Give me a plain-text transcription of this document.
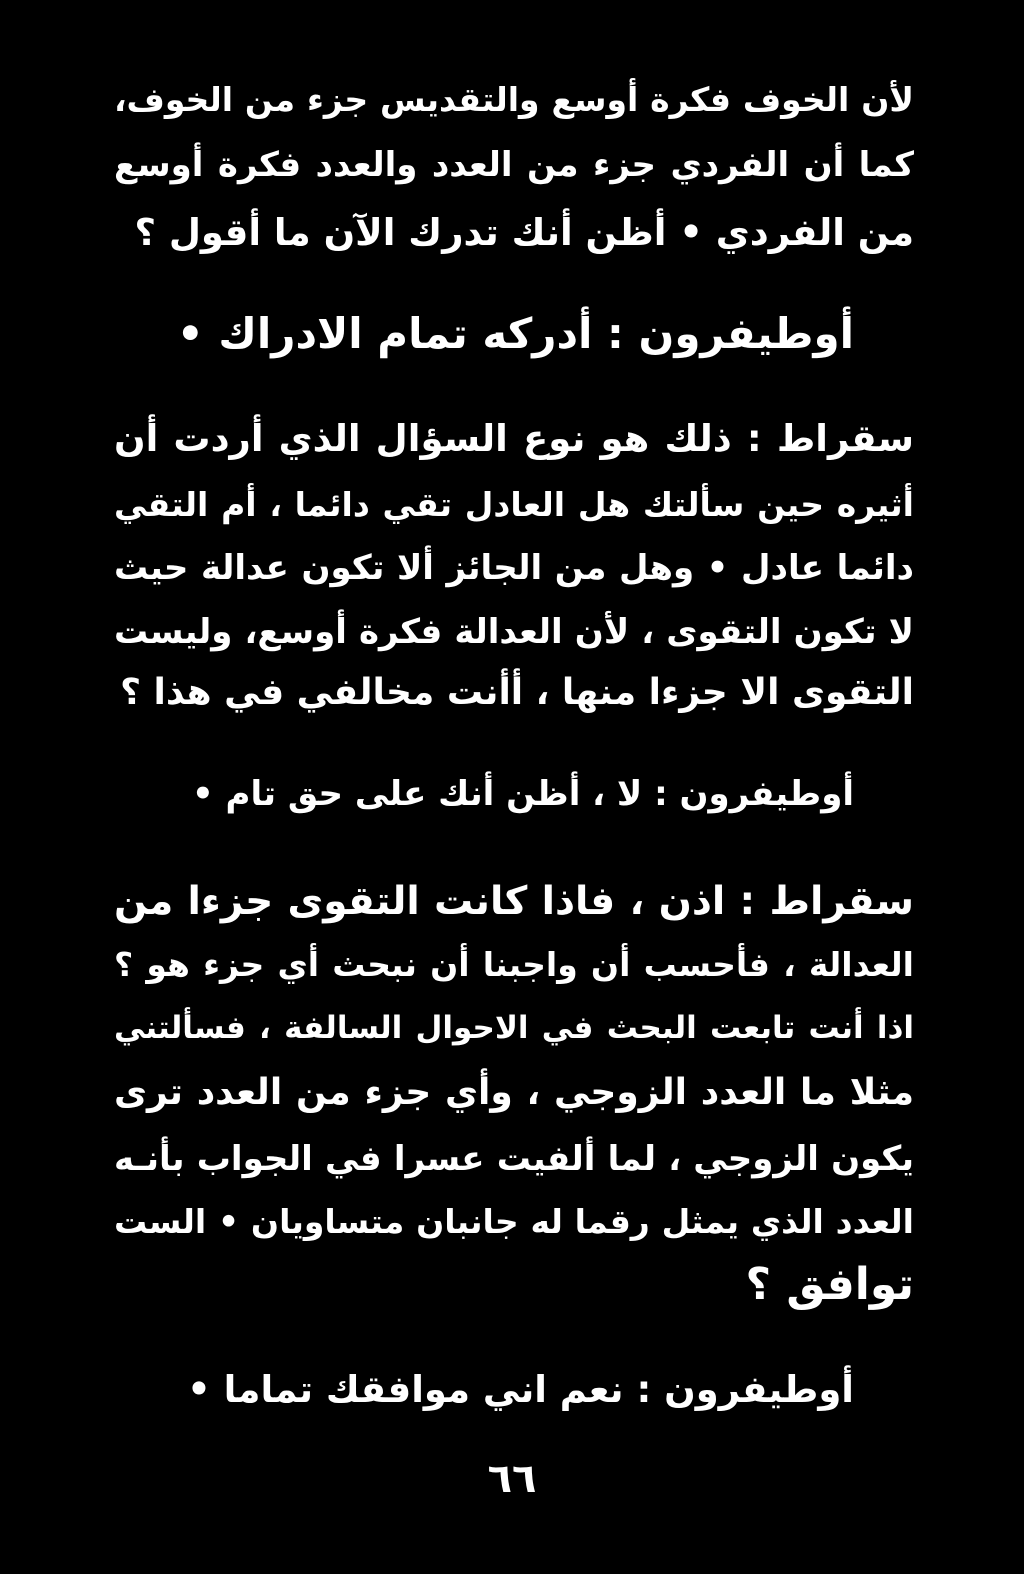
لأن الخوف فكرة أوسع والتقديس جزء من الخوف،
كما أن الفردي جزء من العدد والعدد فكرة أوسع
من الفردي • أظن أنك تدرك الآن ما أقول ؟
أوطيفرون : أدركه تمام الادراك •
سقراط : ذلك هو نوع السؤال الذي أردت أن
أثيره حين سألتك هل العادل تقي دائما ، أم التقي
دائما عادل • وهل من الجائز ألا تكون عدالة حيث
لا تكون التقوى ، لأن العدالة فكرة أوسع، وليست
التقوى الا جزءا منها ، أأنت مخالفي في هذا ؟
أوطيفرون : لا ، أظن أنك على حق تام •
سقراط : اذن ، فاذا كانت التقوى جزءا من
العدالة ، فأحسب أن واجبنا أن نبحث أي جزء هو ؟
اذا أنت تابعت البحث في الاحوال السالفة ، فسألتني
مثلا ما العدد الزوجي ، وأي جزء من العدد ترى
يكون الزوجي ، لما ألفيت عسرا في الجواب بأنـه
العدد الذي يمثل رقما له جانبان متساويان • الست
توافق ؟
أوطيفرون : نعم اني موافقك تماما •
٦٦
